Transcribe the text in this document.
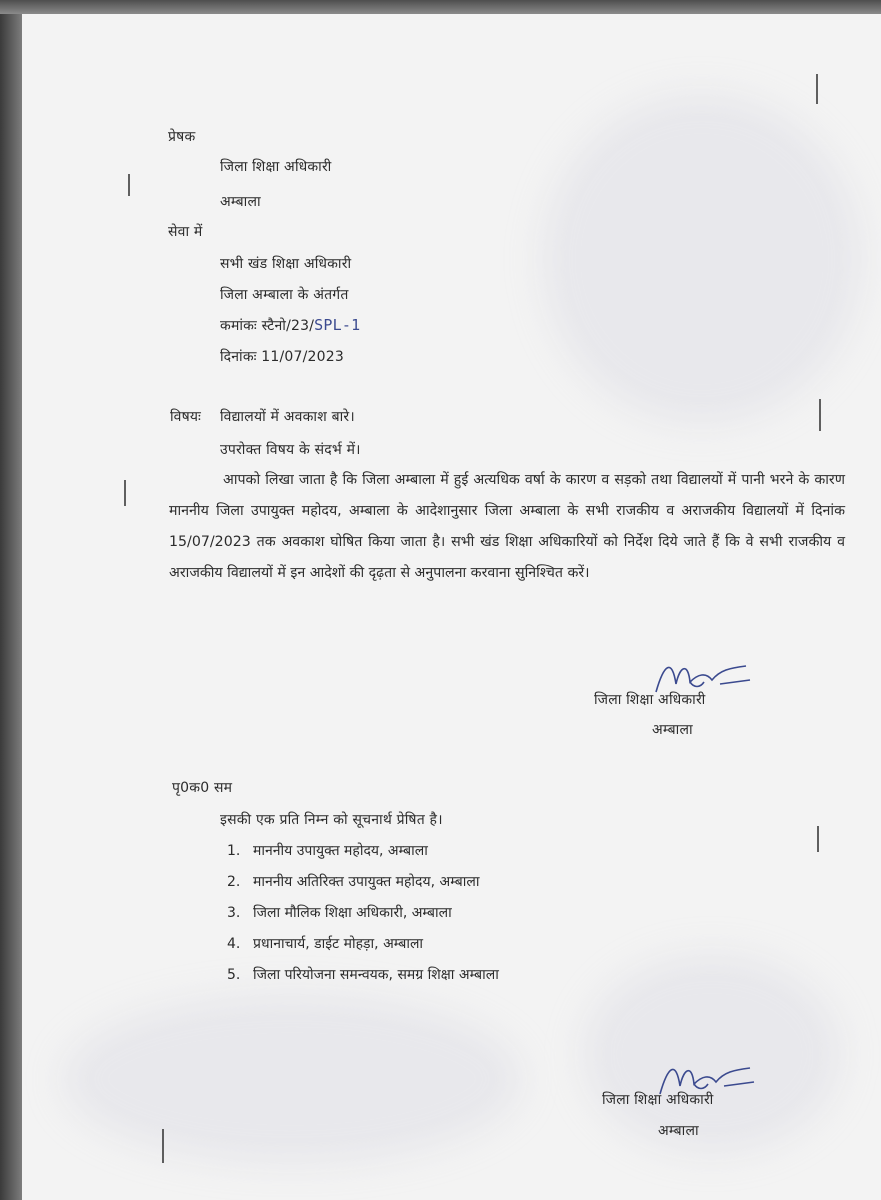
प्रेषक
जिला शिक्षा अधिकारी
अम्बाला
सेवा में
सभी खंड शिक्षा अधिकारी
जिला अम्बाला के अंतर्गत
कमांकः स्टैनो/23/SPL-1
दिनांकः 11/07/2023
विषयः विद्यालयों में अवकाश बारे।
उपरोक्त विषय के संदर्भ में।
आपको लिखा जाता है कि जिला अम्बाला में हुई अत्यधिक वर्षा के कारण व सड़को तथा विद्यालयों में पानी भरने के कारण माननीय जिला उपायुक्त महोदय, अम्बाला के आदेशानुसार जिला अम्बाला के सभी राजकीय व अराजकीय विद्यालयों में दिनांक 15/07/2023 तक अवकाश घोषित किया जाता है। सभी खंड शिक्षा अधिकारियों को निर्देश दिये जाते हैं कि वे सभी राजकीय व अराजकीय विद्यालयों में इन आदेशों की दृढ़ता से अनुपालना करवाना सुनिश्चित करें।
जिला शिक्षा अधिकारी
अम्बाला
पृ0क0 सम
इसकी एक प्रति निम्न को सूचनार्थ प्रेषित है।
1. माननीय उपायुक्त महोदय, अम्बाला
2. माननीय अतिरिक्त उपायुक्त महोदय, अम्बाला
3. जिला मौलिक शिक्षा अधिकारी, अम्बाला
4. प्रधानाचार्य, डाईट मोहड़ा, अम्बाला
5. जिला परियोजना समन्वयक, समग्र शिक्षा अम्बाला
जिला शिक्षा अधिकारी
अम्बाला
